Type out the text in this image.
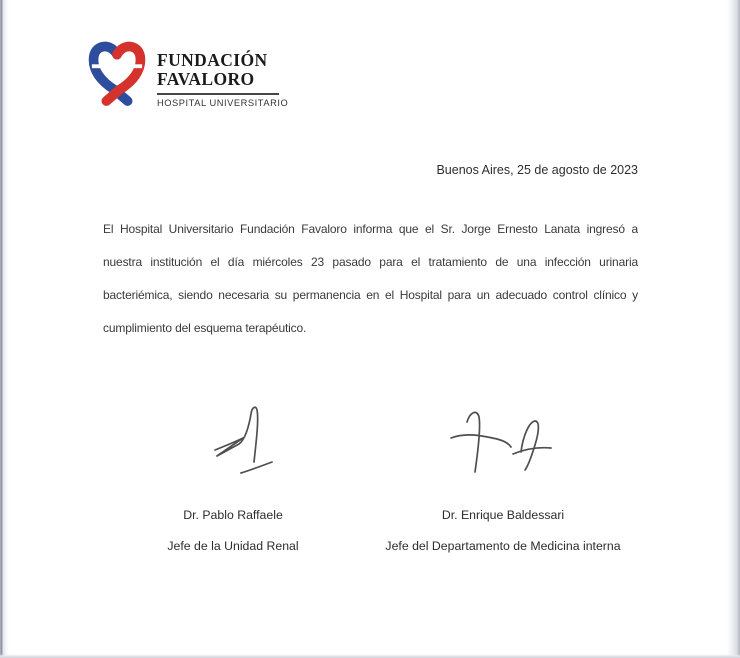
FUNDACIÓN
FAVALORO
HOSPITAL UNIVERSITARIO
Buenos Aires, 25 de agosto de 2023
El Hospital Universitario Fundación Favaloro informa que el Sr. Jorge Ernesto Lanata ingresó a
nuestra institución el día miércoles 23 pasado para el tratamiento de una infección urinaria
bacteriémica, siendo necesaria su permanencia en el Hospital para un adecuado control clínico y
cumplimiento del esquema terapéutico.
Dr. Pablo Raffaele
Jefe de la Unidad Renal
Dr. Enrique Baldessari
Jefe del Departamento de Medicina interna
